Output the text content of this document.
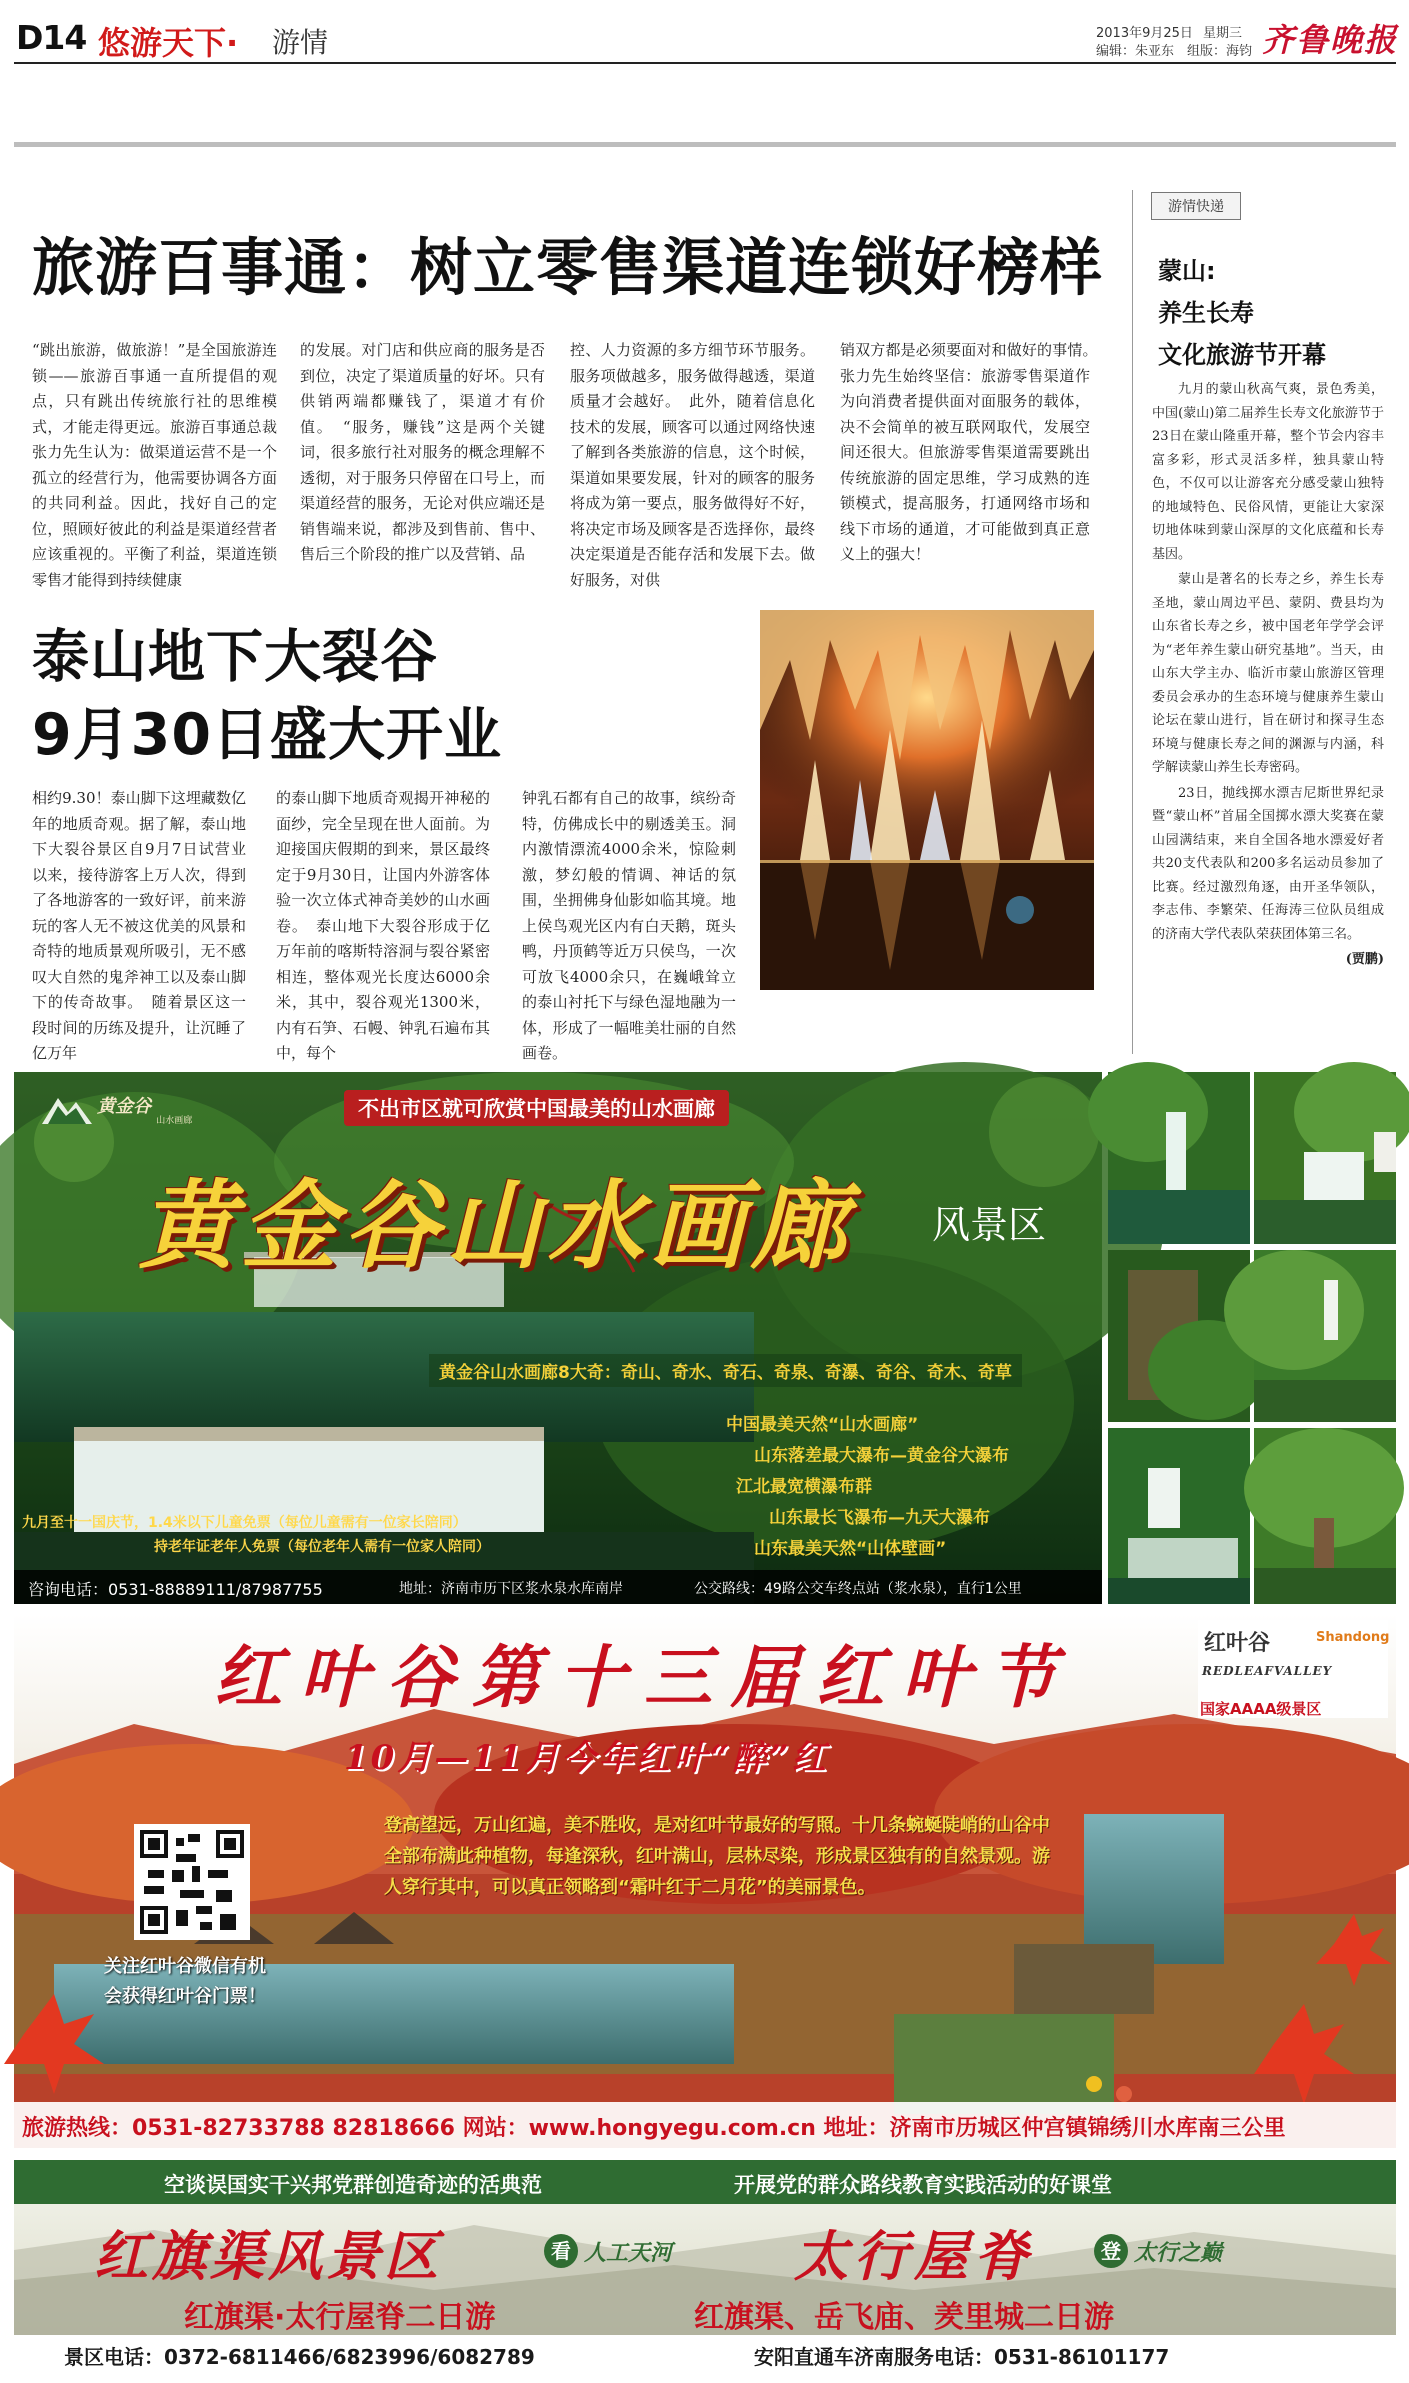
D14 悠游天下· 游情	2013年9月25日 星期三
编辑：朱亚东　组版：海钧 齐鲁晚报
旅游百事通：树立零售渠道连锁好榜样

“跳出旅游，做旅游！”是全国旅游连锁——旅游百事通一直所提倡的观点，只有跳出传统旅行社的思维模式，才能走得更远。旅游百事通总裁张力先生认为：做渠道运营不是一个孤立的经营行为，他需要协调各方面的共同利益。因此，找好自己的定位，照顾好彼此的利益是渠道经营者应该重视的。平衡了利益，渠道连锁零售才能得到持续健康

的发展。对门店和供应商的服务是否到位，决定了渠道质量的好坏。只有供销两端都赚钱了，渠道才有价值。　“服务，赚钱”这是两个关键词，很多旅行社对服务的概念理解不透彻，对于服务只停留在口号上，而渠道经营的服务，无论对供应端还是销售端来说，都涉及到售前、售中、售后三个阶段的推广以及营销、品

控、人力资源的多方细节环节服务。服务项做越多，服务做得越透，渠道质量才会越好。　此外，随着信息化技术的发展，顾客可以通过网络快速了解到各类旅游的信息，这个时候，渠道如果要发展，针对的顾客的服务将成为第一要点，服务做得好不好，将决定市场及顾客是否选择你，最终决定渠道是否能存活和发展下去。做好服务，对供

销双方都是必须要面对和做好的事情。　张力先生始终坚信：旅游零售渠道作为向消费者提供面对面服务的载体，决不会简单的被互联网取代，发展空间还很大。但旅游零售渠道需要跳出传统旅游的固定思维，学习成熟的连锁模式，提高服务，打通网络市场和线下市场的通道，才可能做到真正意义上的强大！

游情快递
蒙山:
养生长寿
文化旅游节开幕

九月的蒙山秋高气爽，景色秀美，中国(蒙山)第二届养生长寿文化旅游节于23日在蒙山隆重开幕，整个节会内容丰富多彩，形式灵活多样，独具蒙山特色，不仅可以让游客充分感受蒙山独特的地域特色、民俗风情，更能让大家深切地体味到蒙山深厚的文化底蕴和长寿基因。

蒙山是著名的长寿之乡，养生长寿圣地，蒙山周边平邑、蒙阴、费县均为山东省长寿之乡，被中国老年学学会评为“老年养生蒙山研究基地”。当天，由山东大学主办、临沂市蒙山旅游区管理委员会承办的生态环境与健康养生蒙山论坛在蒙山进行，旨在研讨和探寻生态环境与健康长寿之间的渊源与内涵，科学解读蒙山养生长寿密码。

23日，抛线掷水漂吉尼斯世界纪录暨“蒙山杯”首届全国掷水漂大奖赛在蒙山园满结束，来自全国各地水漂爱好者共20支代表队和200多名运动员参加了比赛。经过激烈角逐，由开圣华领队，李志伟、李繁荣、任海涛三位队员组成的济南大学代表队荣获团体第三名。

(贾鹏)
泰山地下大裂谷
9月30日盛大开业

相约9.30！泰山脚下这埋藏数亿年的地质奇观。据了解，泰山地下大裂谷景区自9月7日试营业以来，接待游客上万人次，得到了各地游客的一致好评，前来游玩的客人无不被这优美的风景和奇特的地质景观所吸引，无不感叹大自然的鬼斧神工以及泰山脚下的传奇故事。　随着景区这一段时间的历练及提升，让沉睡了亿万年

的泰山脚下地质奇观揭开神秘的面纱，完全呈现在世人面前。为迎接国庆假期的到来，景区最终定于9月30日，让国内外游客体验一次立体式神奇美妙的山水画卷。　泰山地下大裂谷形成于亿万年前的喀斯特溶洞与裂谷紧密相连，整体观光长度达6000余米，其中，裂谷观光1300米，内有石笋、石幔、钟乳石遍布其中，每个

钟乳石都有自己的故事，缤纷奇特，仿佛成长中的剔透美玉。洞内激情漂流4000余米，惊险刺激，梦幻般的情调、神话的氛围，坐拥佛身仙影如临其境。地上侯鸟观光区内有白天鹅，斑头鸭，丹顶鹤等近万只侯鸟，一次可放飞4000余只，在巍峨耸立的泰山衬托下与绿色湿地融为一体，形成了一幅唯美壮丽的自然画卷。

黄金谷 山水画廊	不出市区就可欣赏中国最美的山水画廊
黄金谷山水画廊 风景区
黄金谷山水画廊8大奇：奇山、奇水、奇石、奇泉、奇瀑、奇谷、奇木、奇草
中国最美天然“山水画廊”
山东落差最大瀑布—黄金谷大瀑布
江北最宽横瀑布群
山东最长飞瀑布—九天大瀑布
山东最美天然“山体壁画”
九月至十一国庆节，1.4米以下儿童免票（每位儿童需有一位家长陪同）
持老年证老年人免票（每位老年人需有一位家人陪同）
咨询电话：0531-88889111/87987755	地址：济南市历下区浆水泉水库南岸	公交路线：49路公交车终点站（浆水泉），直行1公里
红叶谷第十三届红叶节	红叶谷	Shandong
REDLEAFVALLEY
国家AAAA级景区
10月—11月今年红叶“醉”红
登高望远，万山红遍，美不胜收，是对红叶节最好的写照。十几条蜿蜒陡峭的山谷中全部布满此种植物，每逢深秋，红叶满山，层林尽染，形成景区独有的自然景观。游人穿行其中，可以真正领略到“霜叶红于二月花”的美丽景色。
关注红叶谷微信有机
会获得红叶谷门票！
旅游热线：0531-82733788 82818666 网站：www.hongyegu.com.cn 地址：济南市历城区仲宫镇锦绣川水库南三公里
空谈误国实干兴邦党群创造奇迹的活典范	开展党的群众路线教育实践活动的好课堂
红旗渠风景区	看 人工天河 太行屋脊	登 太行之巅
红旗渠·太行屋脊二日游	红旗渠、岳飞庙、羑里城二日游
景区电话：0372-6811466/6823996/6082789	安阳直通车济南服务电话：0531-86101177
